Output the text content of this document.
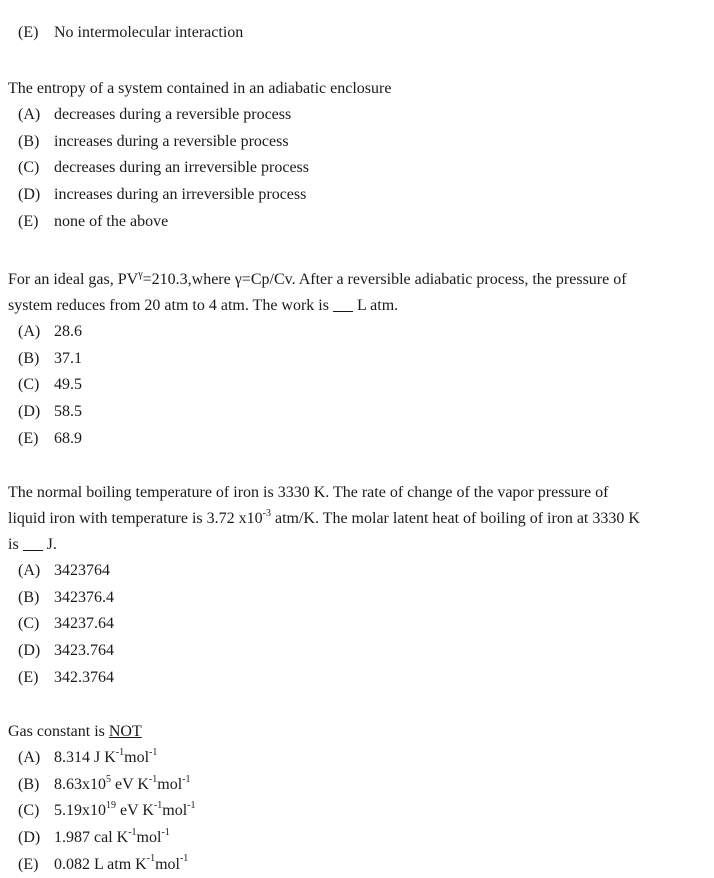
(E) No intermolecular interaction

The entropy of a system contained in an adiabatic enclosure

(A) decreases during a reversible process
(B) increases during a reversible process
(C) decreases during an irreversible process
(D) increases during an irreversible process
(E) none of the above

For an ideal gas, $PV^\gamma=210.3,where$ γ=Cp/Cv. After a reversible adiabatic process, the pressure of system reduces from 20 atm to 4 atm. The work is L atm.

(A) 28.6
(B) 37.1
(C) 49.5
(D) 58.5
(E) 68.9

The normal boiling temperature of iron is 3330 K. The rate of change of the vapor pressure of liquid iron with temperature is 3.72 $x10^{-3}$ atm/K. The molar latent heat of boiling of iron at 3330 K is J.

(A) 3423764
(B) 342376.4
(C) 34237.64
(D) 3423.764
(E) 342.3764

Gas constant is NOT

(A) 8.314 J $K^{-1}mol^{-1}$
(B) $8.63x10^5$ eV $K^{-1}mol^{-1}$
(C) $5.19x10^{19}$ eV $K^{-1}mol^{-1}$
(D) 1.987 cal $K^{-1}mol^{-1}$
(E) 0.082 L atm $K^{-1}mol^{-1}$
